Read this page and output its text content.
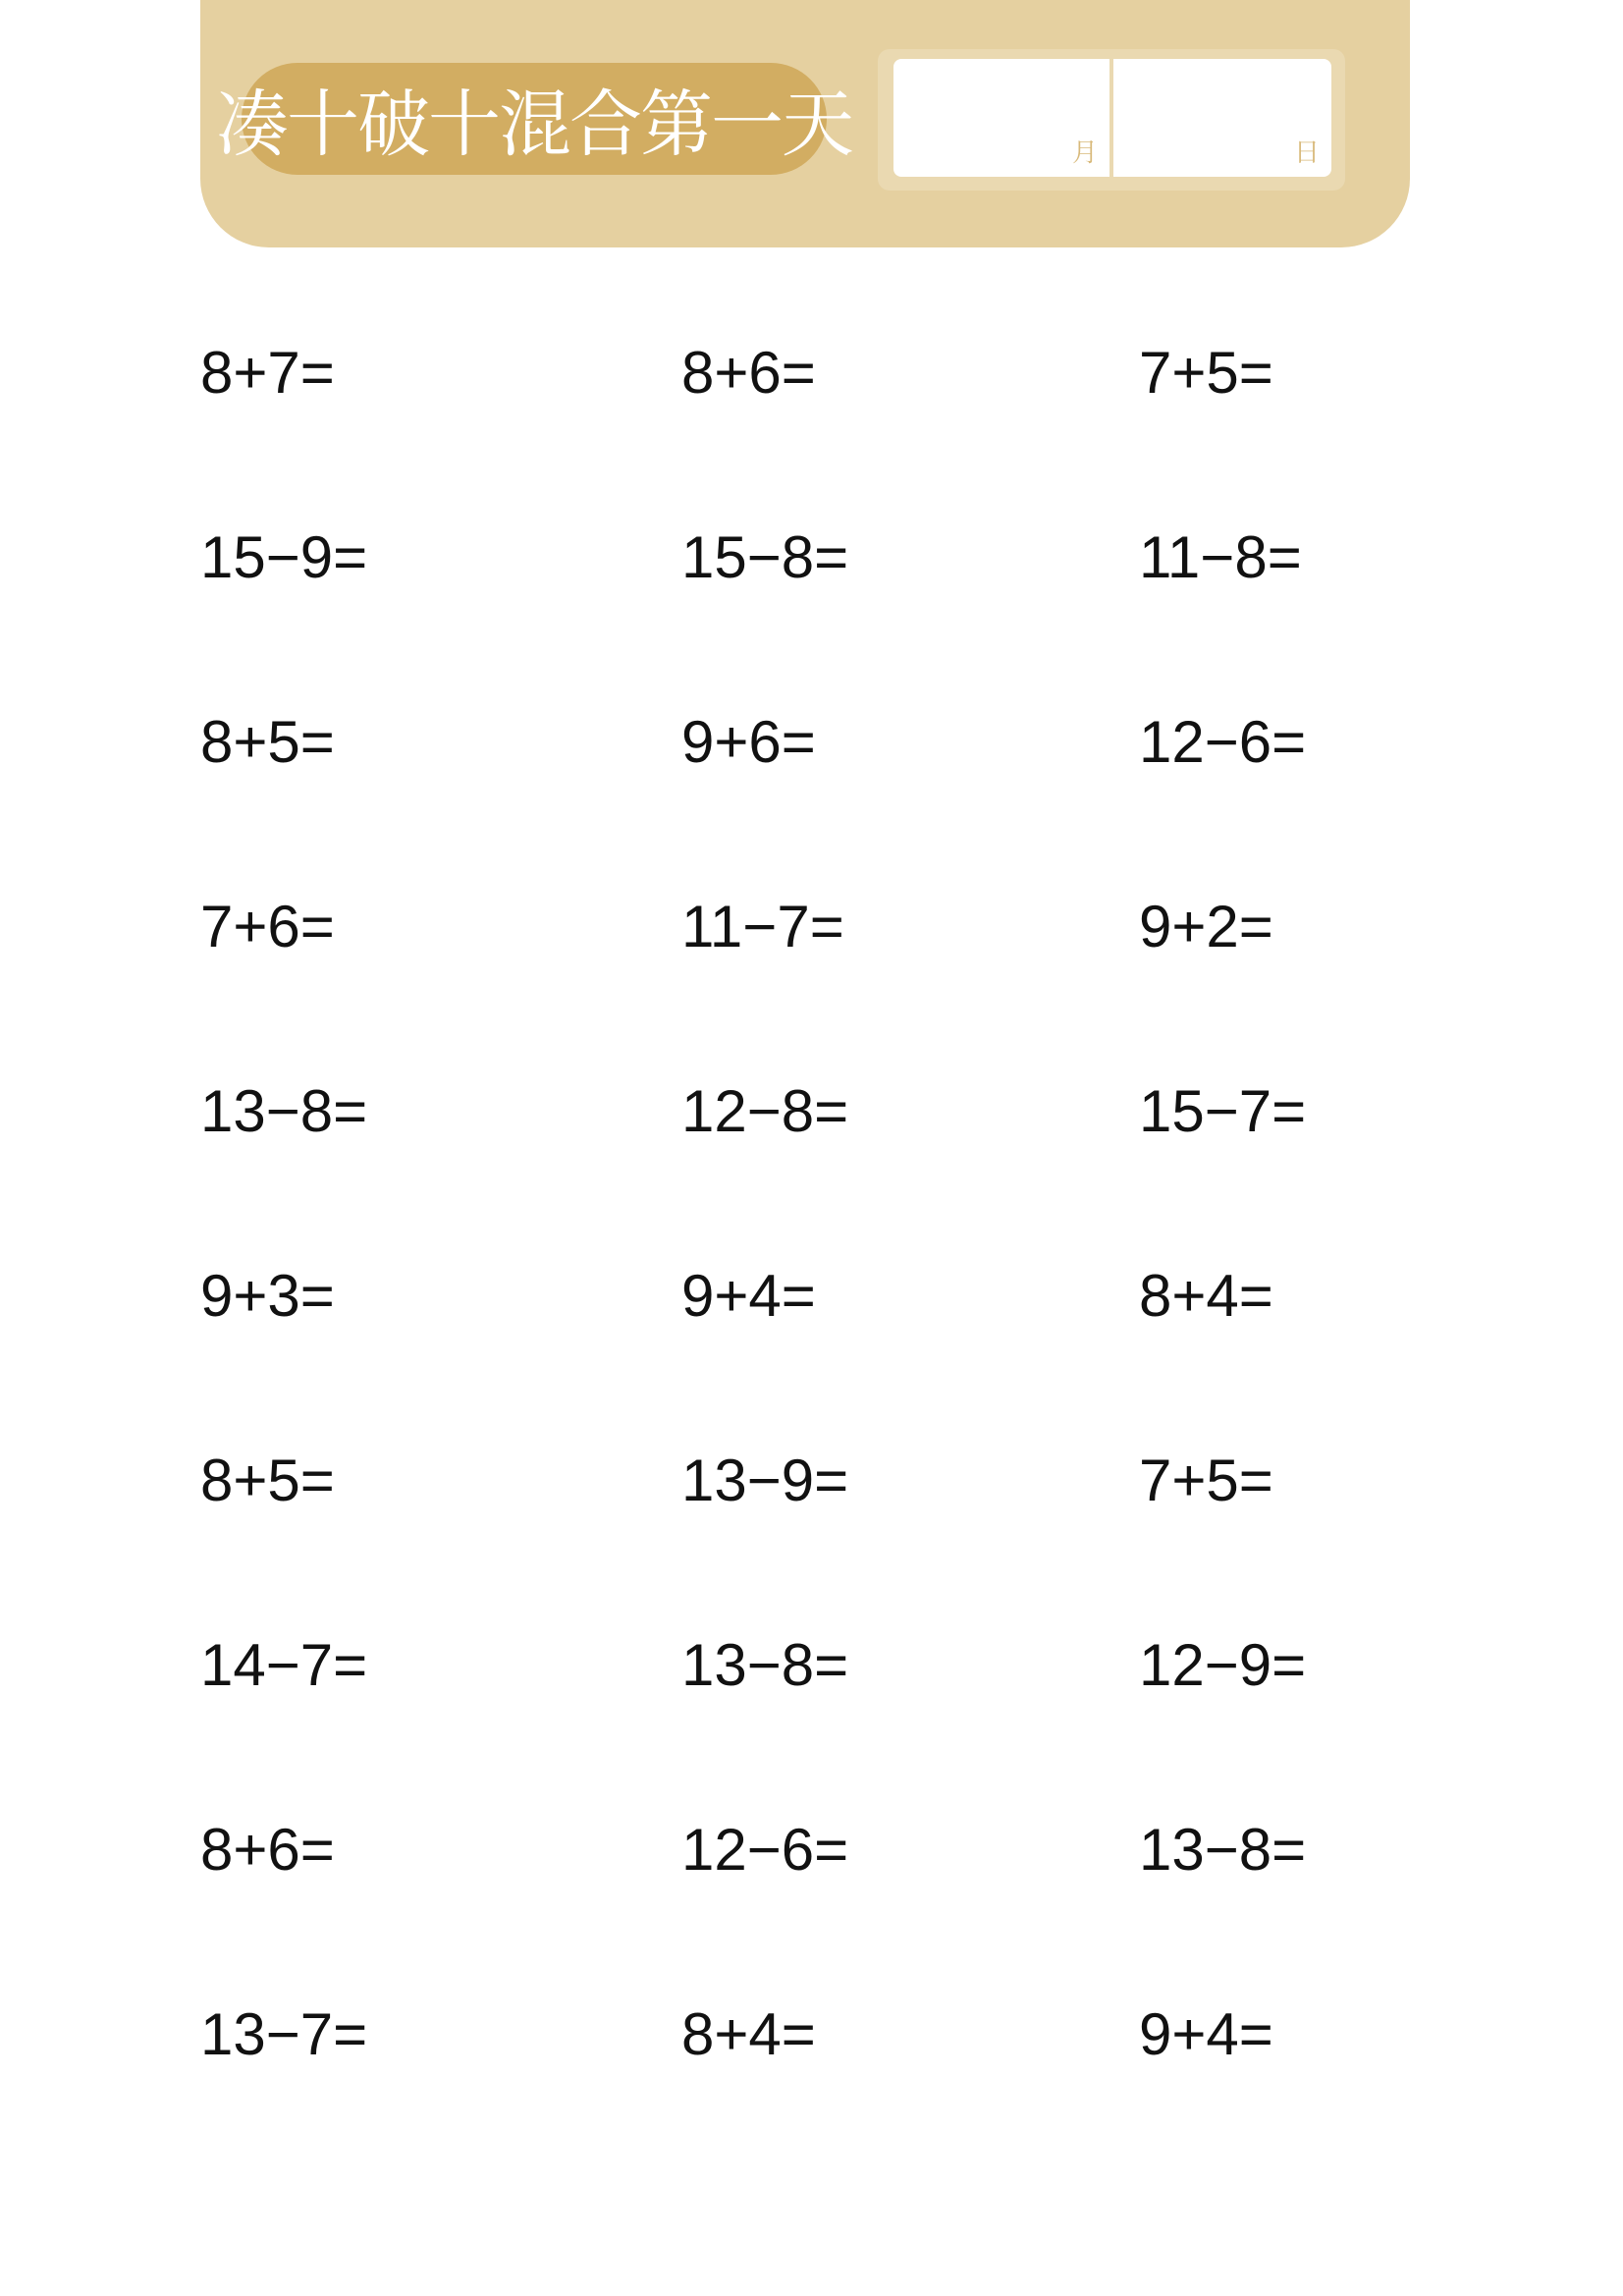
凑十破十混合第一天	月	日
8+7=	8+6=	7+5=
15−9=	15−8=	11−8=
8+5=	9+6=	12−6=
7+6=	11−7=	9+2=
13−8=	12−8=	15−7=
9+3=	9+4=	8+4=
8+5=	13−9=	7+5=
14−7=	13−8=	12−9=
8+6=	12−6=	13−8=
13−7=	8+4=	9+4=
